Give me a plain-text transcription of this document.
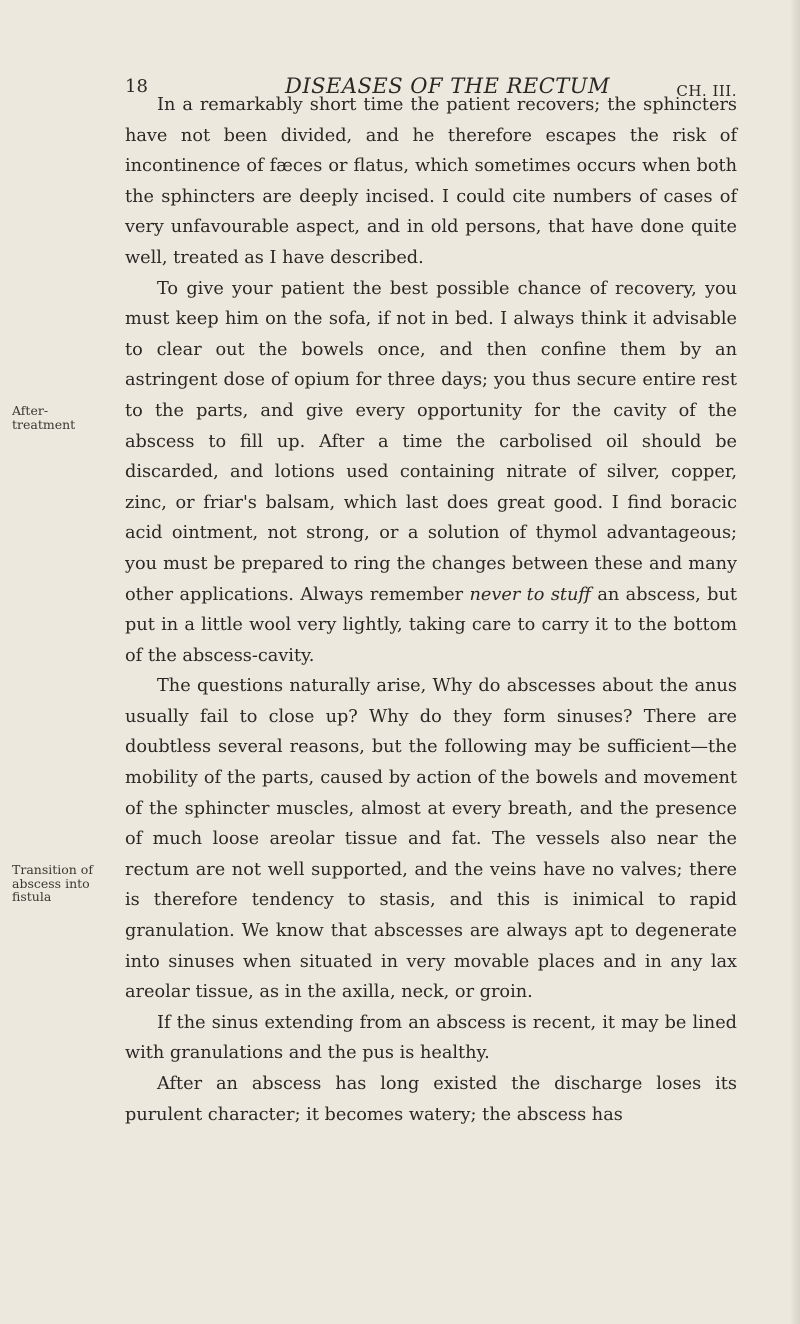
18	DISEASES OF THE RECTUM	CH. III.
After-treatment
Transition of abscess into fistula

In a remarkably short time the patient recovers; the sphincters have not been divided, and he therefore escapes the risk of incontinence of fæces or flatus, which sometimes occurs when both the sphincters are deeply incised. I could cite numbers of cases of very unfavourable aspect, and in old persons, that have done quite well, treated as I have described.

To give your patient the best possible chance of recovery, you must keep him on the sofa, if not in bed. I always think it advisable to clear out the bowels once, and then confine them by an astringent dose of opium for three days; you thus secure entire rest to the parts, and give every opportunity for the cavity of the abscess to fill up. After a time the carbolised oil should be discarded, and lotions used containing nitrate of silver, copper, zinc, or friar's balsam, which last does great good. I find boracic acid ointment, not strong, or a solution of thymol advantageous; you must be prepared to ring the changes between these and many other applications. Always remember never to stuff an abscess, but put in a little wool very lightly, taking care to carry it to the bottom of the abscess-cavity.

The questions naturally arise, Why do abscesses about the anus usually fail to close up? Why do they form sinuses? There are doubtless several reasons, but the following may be sufficient—the mobility of the parts, caused by action of the bowels and movement of the sphincter muscles, almost at every breath, and the presence of much loose areolar tissue and fat. The vessels also near the rectum are not well supported, and the veins have no valves; there is therefore tendency to stasis, and this is inimical to rapid granulation. We know that abscesses are always apt to degenerate into sinuses when situated in very movable places and in any lax areolar tissue, as in the axilla, neck, or groin.

If the sinus extending from an abscess is recent, it may be lined with granulations and the pus is healthy.

After an abscess has long existed the discharge loses its purulent character; it becomes watery; the abscess has
